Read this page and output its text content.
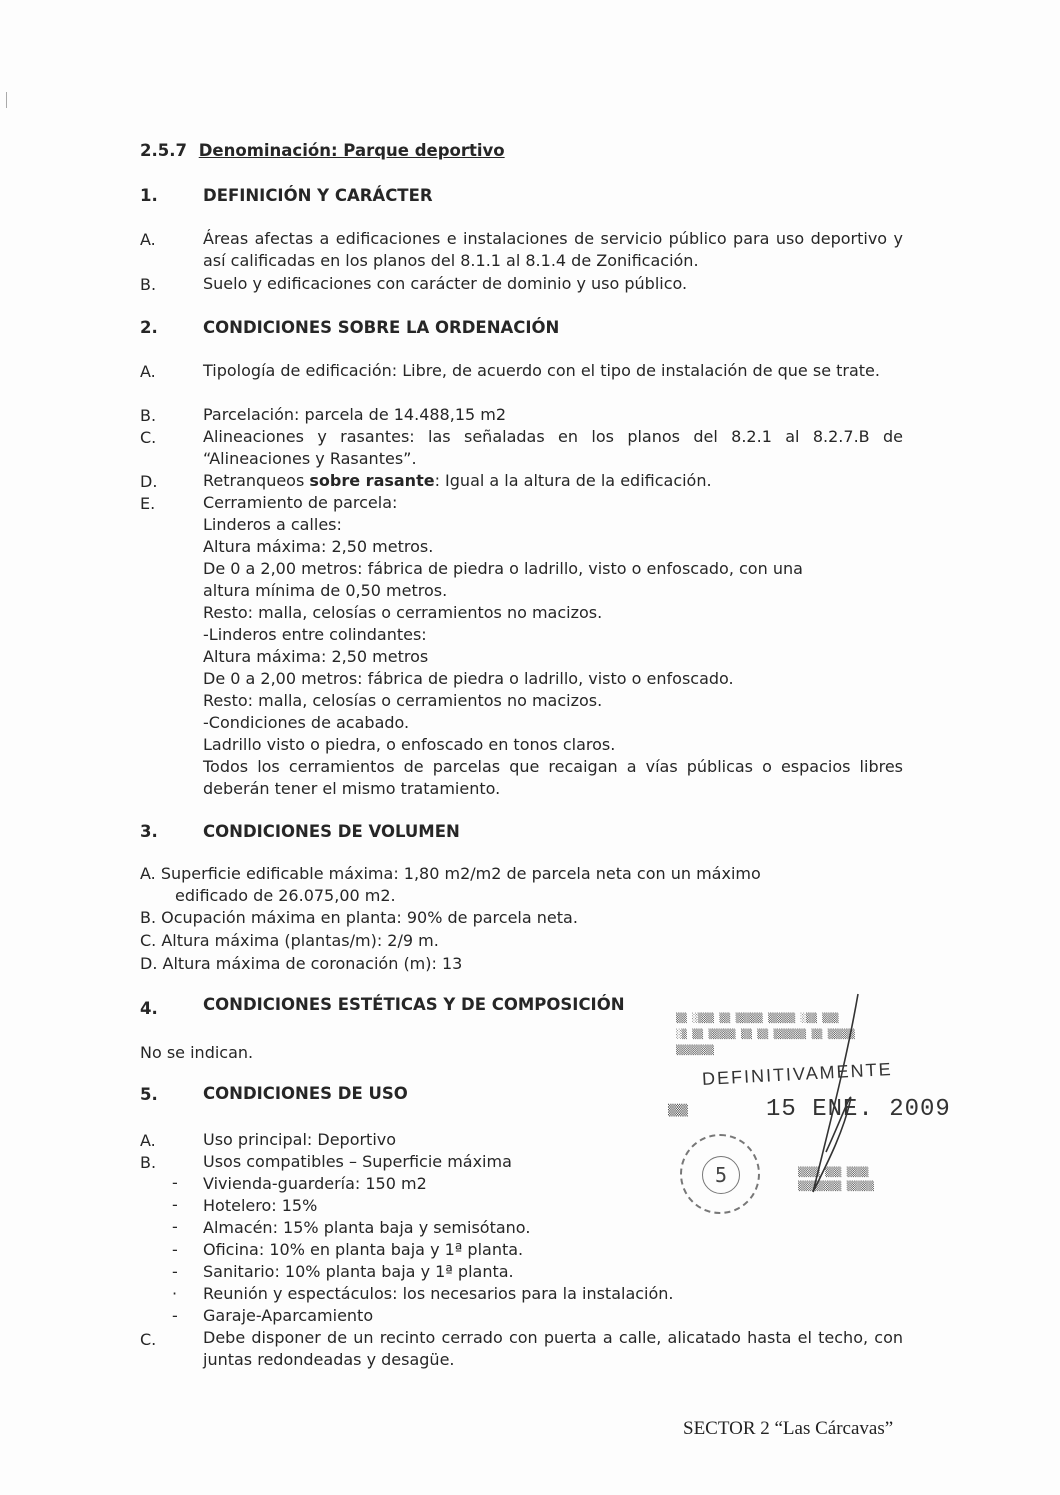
2.5.7 Denominación: Parque deportivo
1.	DEFINICIÓN Y CARÁCTER
A.	Áreas afectas a edificaciones e instalaciones de servicio público para uso deportivo y así calificadas en los planos del 8.1.1 al 8.1.4 de Zonificación.
B.	Suelo y edificaciones con carácter de dominio y uso público.
2.	CONDICIONES SOBRE LA ORDENACIÓN
A.	Tipología de edificación: Libre, de acuerdo con el tipo de instalación de que se trate.
B.	Parcelación: parcela de 14.488,15 m2
C.	Alineaciones y rasantes: las señaladas en los planos del 8.2.1 al 8.2.7.B de “Alineaciones y Rasantes”.
D.	Retranqueos sobre rasante: Igual a la altura de la edificación.
E.	Cerramiento de parcela:
Linderos a calles:
Altura máxima: 2,50 metros.
De 0 a 2,00 metros: fábrica de piedra o ladrillo, visto o enfoscado, con una
altura mínima de 0,50 metros.
Resto: malla, celosías o cerramientos no macizos.
-Linderos entre colindantes:
Altura máxima: 2,50 metros
De 0 a 2,00 metros: fábrica de piedra o ladrillo, visto o enfoscado.
Resto: malla, celosías o cerramientos no macizos.
-Condiciones de acabado.
Ladrillo visto o piedra, o enfoscado en tonos claros.
Todos los cerramientos de parcelas que recaigan a vías públicas o espacios libres deberán tener el mismo tratamiento.
3.	CONDICIONES DE VOLUMEN
A. Superficie edificable máxima: 1,80 m2/m2 de parcela neta con un máximo
edificado de 26.075,00 m2.
B. Ocupación máxima en planta: 90% de parcela neta.
C. Altura máxima (plantas/m): 2/9 m.
D. Altura máxima de coronación (m): 13
4.	CONDICIONES ESTÉTICAS Y DE COMPOSICIÓN
No se indican.
5.	CONDICIONES DE USO
A.	Uso principal: Deportivo
B.	Usos compatibles – Superficie máxima
- Vivienda-guardería: 150 m2
- Hotelero: 15%
- Almacén: 15% planta baja y semisótano.
- Oficina: 10% en planta baja y 1ª planta.
- Sanitario: 10% planta baja y 1ª planta.
· Reunión y espectáculos: los necesarios para la instalación.
- Garaje-Aparcamiento
C.	Debe disponer de un recinto cerrado con puerta a calle, alicatado hasta el techo, con juntas redondeadas y desagüe.
▒▒ ░▒▒▒ ▒▒ ▒▒▒▒▒ ▒▒▒▒▒ ░▒▒ ▒▒▒
░▒ ▒▒ ▒▒▒▒▒ ▒▒ ▒▒ ▒▒▒▒▒▒ ▒▒ ▒▒▒▒▒
▒▒▒▒▒▒▒
DEFINITIVAMENTE
▒▒▒	15 ENE. 2009
5	▒▒▒▒ ▒▒▒ ▒▒▒▒
▒▒▒▒▒▒▒▒ ▒▒▒▒▒
SECTOR 2 “Las Cárcavas”
